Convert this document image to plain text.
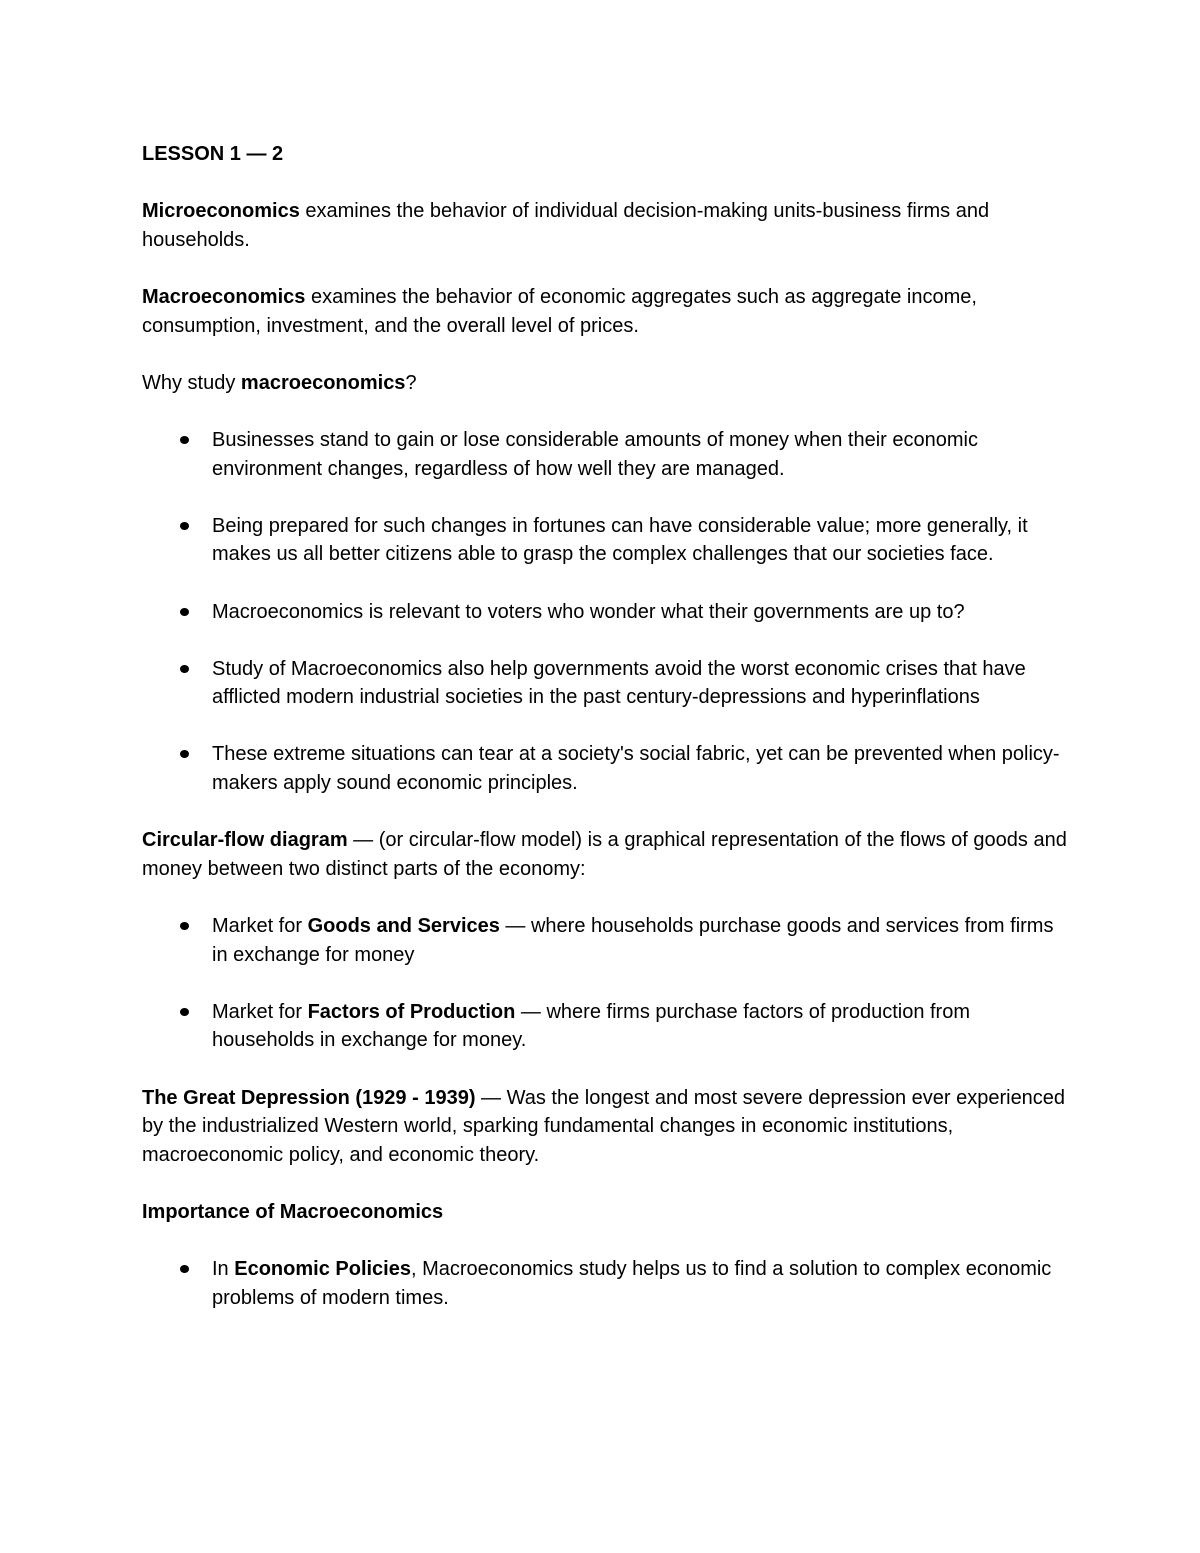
LESSON 1 — 2

Microeconomics examines the behavior of individual decision-making units-business firms and households.

Macroeconomics examines the behavior of economic aggregates such as aggregate income, consumption, investment, and the overall level of prices.

Why study macroeconomics?

Businesses stand to gain or lose considerable amounts of money when their economic environment changes, regardless of how well they are managed.
Being prepared for such changes in fortunes can have considerable value; more generally, it makes us all better citizens able to grasp the complex challenges that our societies face.
Macroeconomics is relevant to voters who wonder what their governments are up to?
Study of Macroeconomics also help governments avoid the worst economic crises that have afflicted modern industrial societies in the past century-depressions and hyperinflations
These extreme situations can tear at a society's social fabric, yet can be prevented when policy-makers apply sound economic principles.

Circular-flow diagram — (or circular-flow model) is a graphical representation of the flows of goods and money between two distinct parts of the economy:

Market for Goods and Services — where households purchase goods and services from firms in exchange for money
Market for Factors of Production — where firms purchase factors of production from households in exchange for money.

The Great Depression (1929 - 1939) — Was the longest and most severe depression ever experienced by the industrialized Western world, sparking fundamental changes in economic institutions, macroeconomic policy, and economic theory.

Importance of Macroeconomics

In Economic Policies, Macroeconomics study helps us to find a solution to complex economic problems of modern times.
